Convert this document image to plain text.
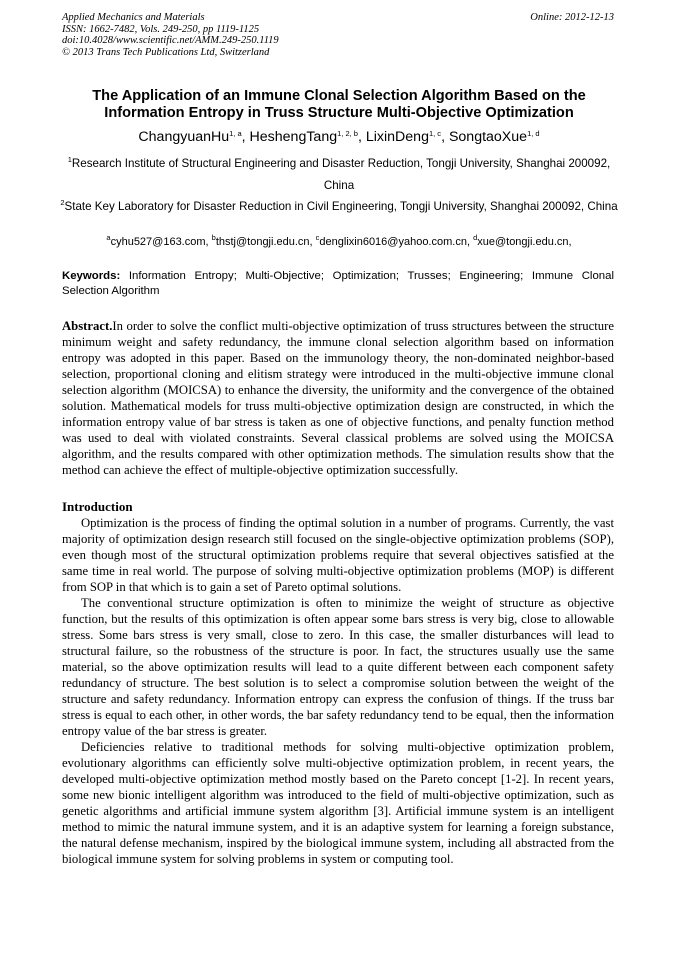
Applied Mechanics and Materials
ISSN: 1662-7482, Vols. 249-250, pp 1119-1125
doi:10.4028/www.scientific.net/AMM.249-250.1119
© 2013 Trans Tech Publications Ltd, Switzerland
Online: 2012-12-13
The Application of an Immune Clonal Selection Algorithm Based on the
Information Entropy in Truss Structure Multi-Objective Optimization
ChangyuanHu$^{1, a}$, HeshengTang$^{1, 2, b}$, LixinDeng$^{1, c}$, SongtaoXue$^{1, d}$
$^1$Research Institute of Structural Engineering and Disaster Reduction, Tongji University, Shanghai 200092, China
$^2$State Key Laboratory for Disaster Reduction in Civil Engineering, Tongji University, Shanghai 200092, China
$^a$cyhu527@163.com, $^b$thstj@tongji.edu.cn, $^c$denglixin6016@yahoo.com.cn, $^d$xue@tongji.edu.cn,
Keywords: Information Entropy; Multi-Objective; Optimization; Trusses; Engineering; Immune Clonal Selection Algorithm
Abstract.In order to solve the conflict multi-objective optimization of truss structures between the structure minimum weight and safety redundancy, the immune clonal selection algorithm based on information entropy was adopted in this paper. Based on the immunology theory, the non-dominated neighbor-based selection, proportional cloning and elitism strategy were introduced in the multi-objective immune clonal selection algorithm (MOICSA) to enhance the diversity, the uniformity and the convergence of the obtained solution. Mathematical models for truss multi-objective optimization design are constructed, in which the information entropy value of bar stress is taken as one of objective functions, and penalty function method was used to deal with violated constraints. Several classical problems are solved using the MOICSA algorithm, and the results compared with other optimization methods. The simulation results show that the method can achieve the effect of multiple-objective optimization successfully.
Introduction

Optimization is the process of finding the optimal solution in a number of programs. Currently, the vast majority of optimization design research still focused on the single-objective optimization problems (SOP), even though most of the structural optimization problems require that several objectives satisfied at the same time in real world. The purpose of solving multi-objective optimization problems (MOP) is different from SOP in that which is to gain a set of Pareto optimal solutions.

The conventional structure optimization is often to minimize the weight of structure as objective function, but the results of this optimization is often appear some bars stress is very big, close to allowable stress. Some bars stress is very small, close to zero. In this case, the smaller disturbances will lead to structural failure, so the robustness of the structure is poor. In fact, the structures usually use the same material, so the above optimization results will lead to a quite different between each component safety redundancy of structure. The best solution is to select a compromise solution between the weight of the structure and safety redundancy. Information entropy can express the confusion of things. If the truss bar stress is equal to each other, in other words, the bar safety redundancy tend to be equal, then the information entropy value of the bar stress is greater.

Deficiencies relative to traditional methods for solving multi-objective optimization problem, evolutionary algorithms can efficiently solve multi-objective optimization problem, in recent years, the developed multi-objective optimization method mostly based on the Pareto concept [1-2]. In recent years, some new bionic intelligent algorithm was introduced to the field of multi-objective optimization, such as genetic algorithms and artificial immune system algorithm [3]. Artificial immune system is an intelligent method to mimic the natural immune system, and it is an adaptive system for learning a foreign substance, the natural defense mechanism, inspired by the biological immune system, including all abstracted from the biological immune system for solving problems in system or computing tool.
